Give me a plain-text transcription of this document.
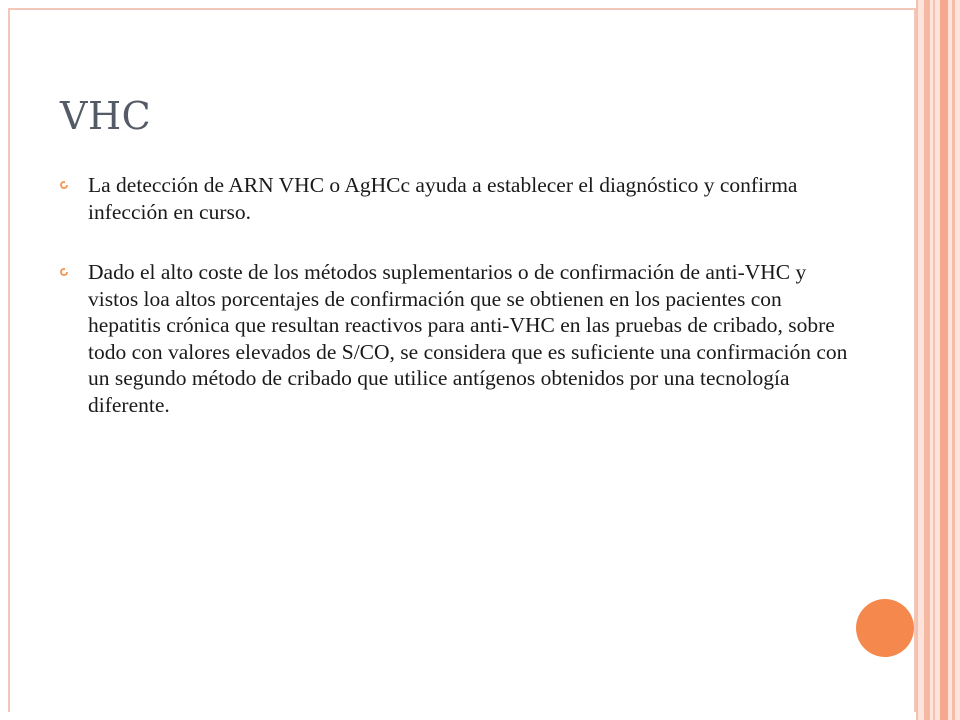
VHC

La detección de ARN VHC o AgHCc ayuda a establecer el diagnóstico y confirma infección en curso.

Dado el alto coste de los métodos suplementarios o de confirmación de anti-VHC y vistos loa altos porcentajes de confirmación que se obtienen en los pacientes con hepatitis crónica que resultan reactivos para anti-VHC en las pruebas de cribado, sobre todo con valores elevados de S/CO, se considera que es suficiente una confirmación con un segundo método de cribado que utilice antígenos obtenidos por una tecnología diferente.
